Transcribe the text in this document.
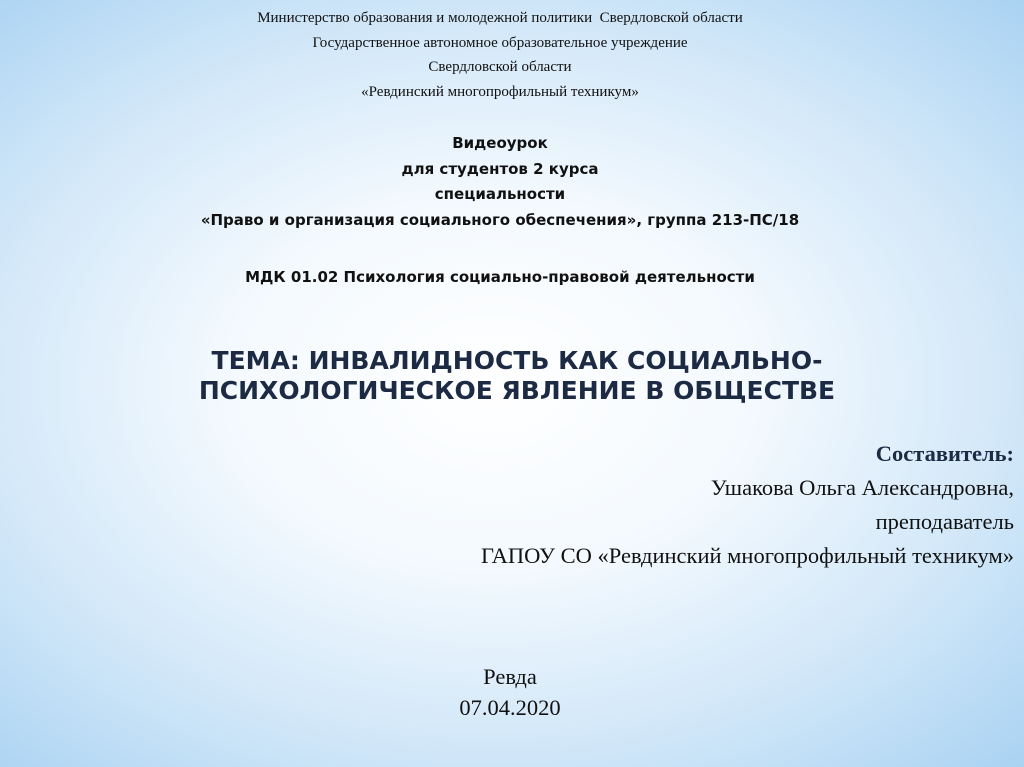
Министерство образования и молодежной политики  Свердловской области
Государственное автономное образовательное учреждение
Свердловской области
«Ревдинский многопрофильный техникум»
Видеоурок
для студентов 2 курса
специальности
«Право и организация социального обеспечения», группа 213-ПС/18
МДК 01.02 Психология социально-правовой деятельности
ТЕМА: ИНВАЛИДНОСТЬ КАК СОЦИАЛЬНО-
ПСИХОЛОГИЧЕСКОЕ ЯВЛЕНИЕ В ОБЩЕСТВЕ
Составитель:
Ушакова Ольга Александровна,
преподаватель
ГАПОУ СО «Ревдинский многопрофильный техникум»
Ревда
07.04.2020
